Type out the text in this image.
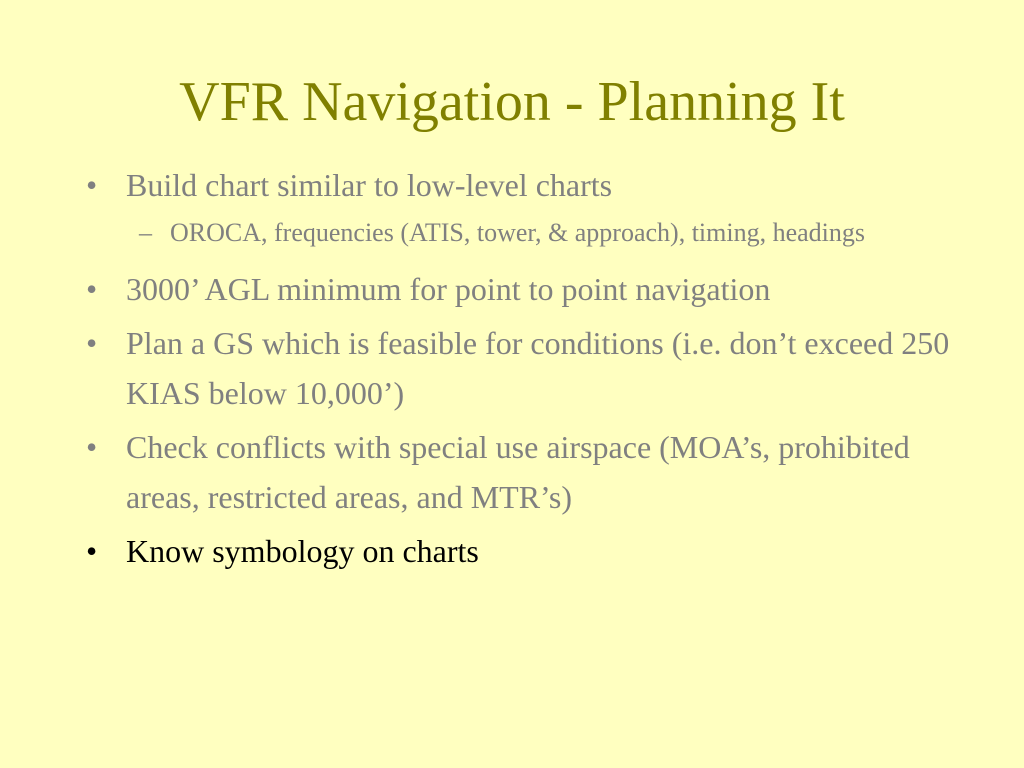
VFR Navigation - Planning It
• Build chart similar to low-level charts
– OROCA, frequencies (ATIS, tower, & approach), timing, headings
• 3000’ AGL minimum for point to point navigation
• Plan a GS which is feasible for conditions (i.e. don’t exceed 250 KIAS below 10,000’)
• Check conflicts with special use airspace (MOA’s, prohibited areas, restricted areas, and MTR’s)
• Know symbology on charts
